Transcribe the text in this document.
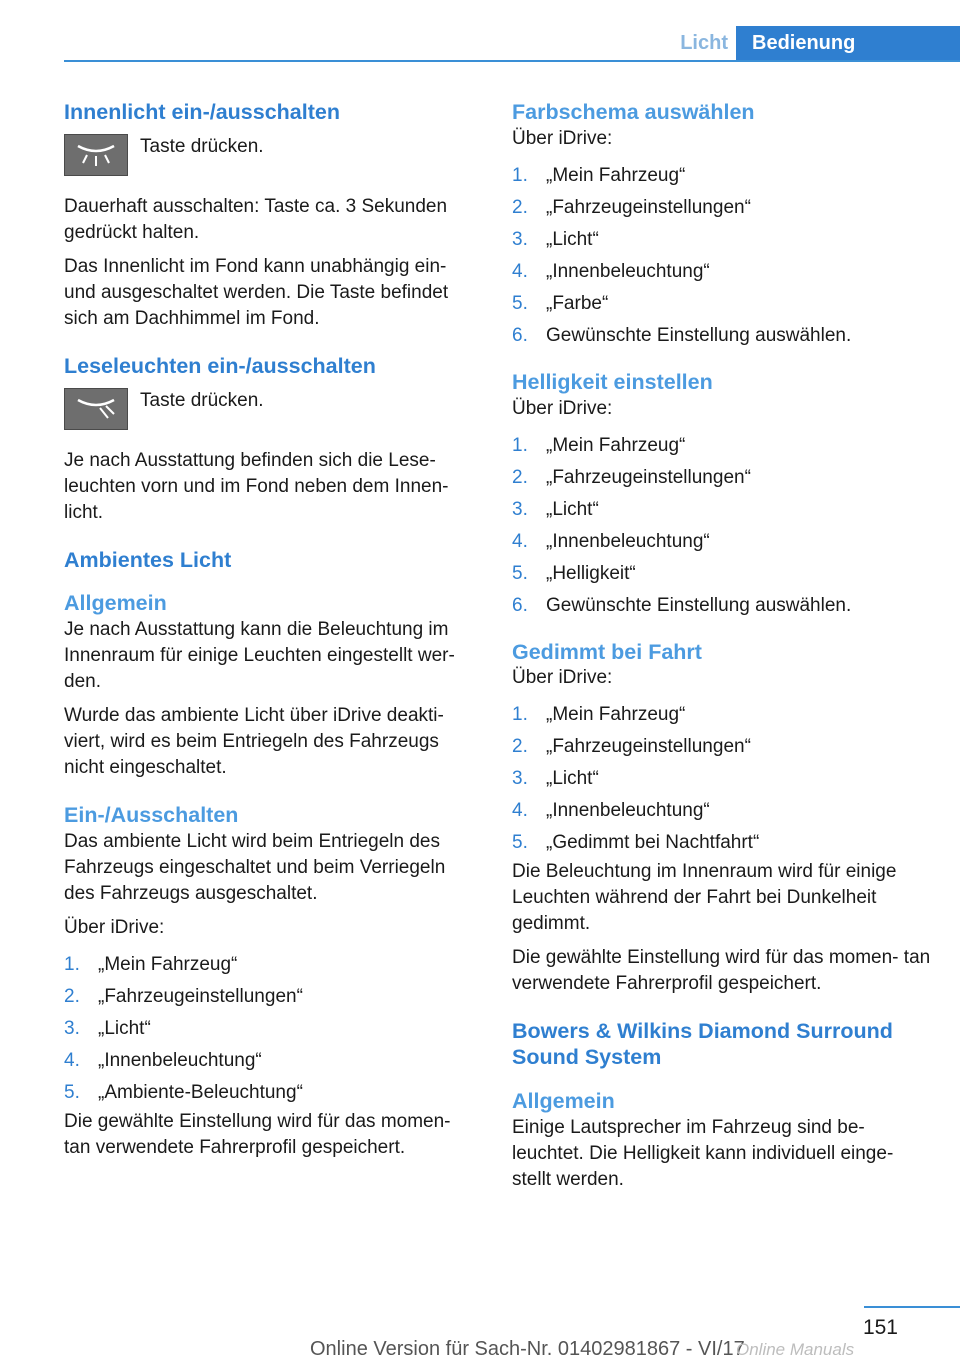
Licht	Bedienung
Innenlicht ein-/ausschalten
Taste drücken.

Dauerhaft ausschalten: Taste ca. 3 Sekunden gedrückt halten.

Das Innenlicht im Fond kann unabhängig ein- und ausgeschaltet werden. Die Taste befindet sich am Dachhimmel im Fond.

Leseleuchten ein-/ausschalten
Taste drücken.

Je nach Ausstattung befinden sich die Lese- leuchten vorn und im Fond neben dem Innen- licht.

Ambientes Licht
Allgemein

Je nach Ausstattung kann die Beleuchtung im Innenraum für einige Leuchten eingestellt wer- den.

Wurde das ambiente Licht über iDrive deakti- viert, wird es beim Entriegeln des Fahrzeugs nicht eingeschaltet.

Ein-/Ausschalten

Das ambiente Licht wird beim Entriegeln des Fahrzeugs eingeschaltet und beim Verriegeln des Fahrzeugs ausgeschaltet.

Über iDrive:

1. „Mein Fahrzeug“
2. „Fahrzeugeinstellungen“
3. „Licht“
4. „Innenbeleuchtung“
5. „Ambiente-Beleuchtung“

Die gewählte Einstellung wird für das momen- tan verwendete Fahrerprofil gespeichert.

Farbschema auswählen

Über iDrive:

1. „Mein Fahrzeug“
2. „Fahrzeugeinstellungen“
3. „Licht“
4. „Innenbeleuchtung“
5. „Farbe“
6. Gewünschte Einstellung auswählen.
Helligkeit einstellen

Über iDrive:

1. „Mein Fahrzeug“
2. „Fahrzeugeinstellungen“
3. „Licht“
4. „Innenbeleuchtung“
5. „Helligkeit“
6. Gewünschte Einstellung auswählen.
Gedimmt bei Fahrt

Über iDrive:

1. „Mein Fahrzeug“
2. „Fahrzeugeinstellungen“
3. „Licht“
4. „Innenbeleuchtung“
5. „Gedimmt bei Nachtfahrt“

Die Beleuchtung im Innenraum wird für einige Leuchten während der Fahrt bei Dunkelheit gedimmt.

Die gewählte Einstellung wird für das momen- tan verwendete Fahrerprofil gespeichert.

Bowers & Wilkins Diamond Surround Sound System
Allgemein

Einige Lautsprecher im Fahrzeug sind be- leuchtet. Die Helligkeit kann individuell einge- stellt werden.

151
Online Version für Sach-Nr. 01402981867 - VI/17
Online Manuals
